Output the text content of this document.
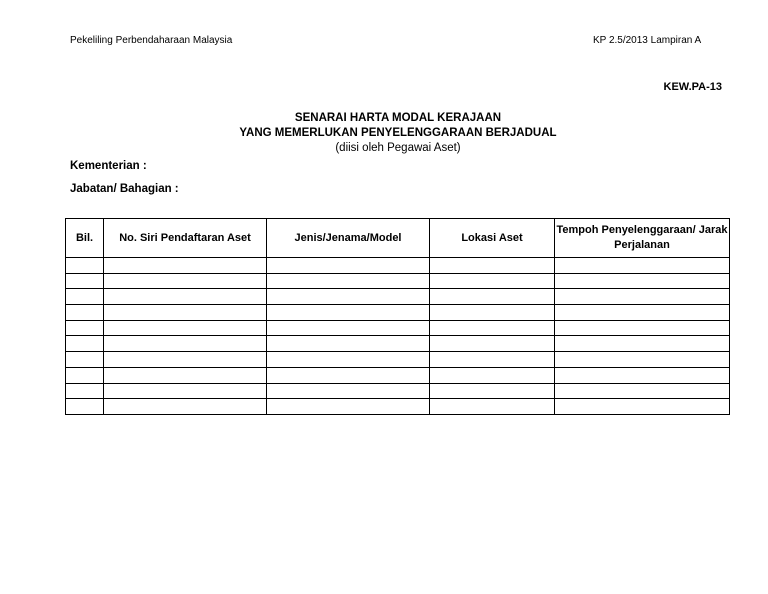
Pekeliling Perbendaharaan Malaysia	KP 2.5/2013 Lampiran A
KEW.PA-13
SENARAI HARTA MODAL KERAJAAN
YANG MEMERLUKAN PENYELENGGARAAN BERJADUAL
(diisi oleh Pegawai Aset)
Kementerian :
Jabatan/ Bahagian :
Bil.	No. Siri Pendaftaran Aset	Jenis/Jenama/Model	Lokasi Aset	Tempoh Penyelenggaraan/ Jarak Perjalanan
